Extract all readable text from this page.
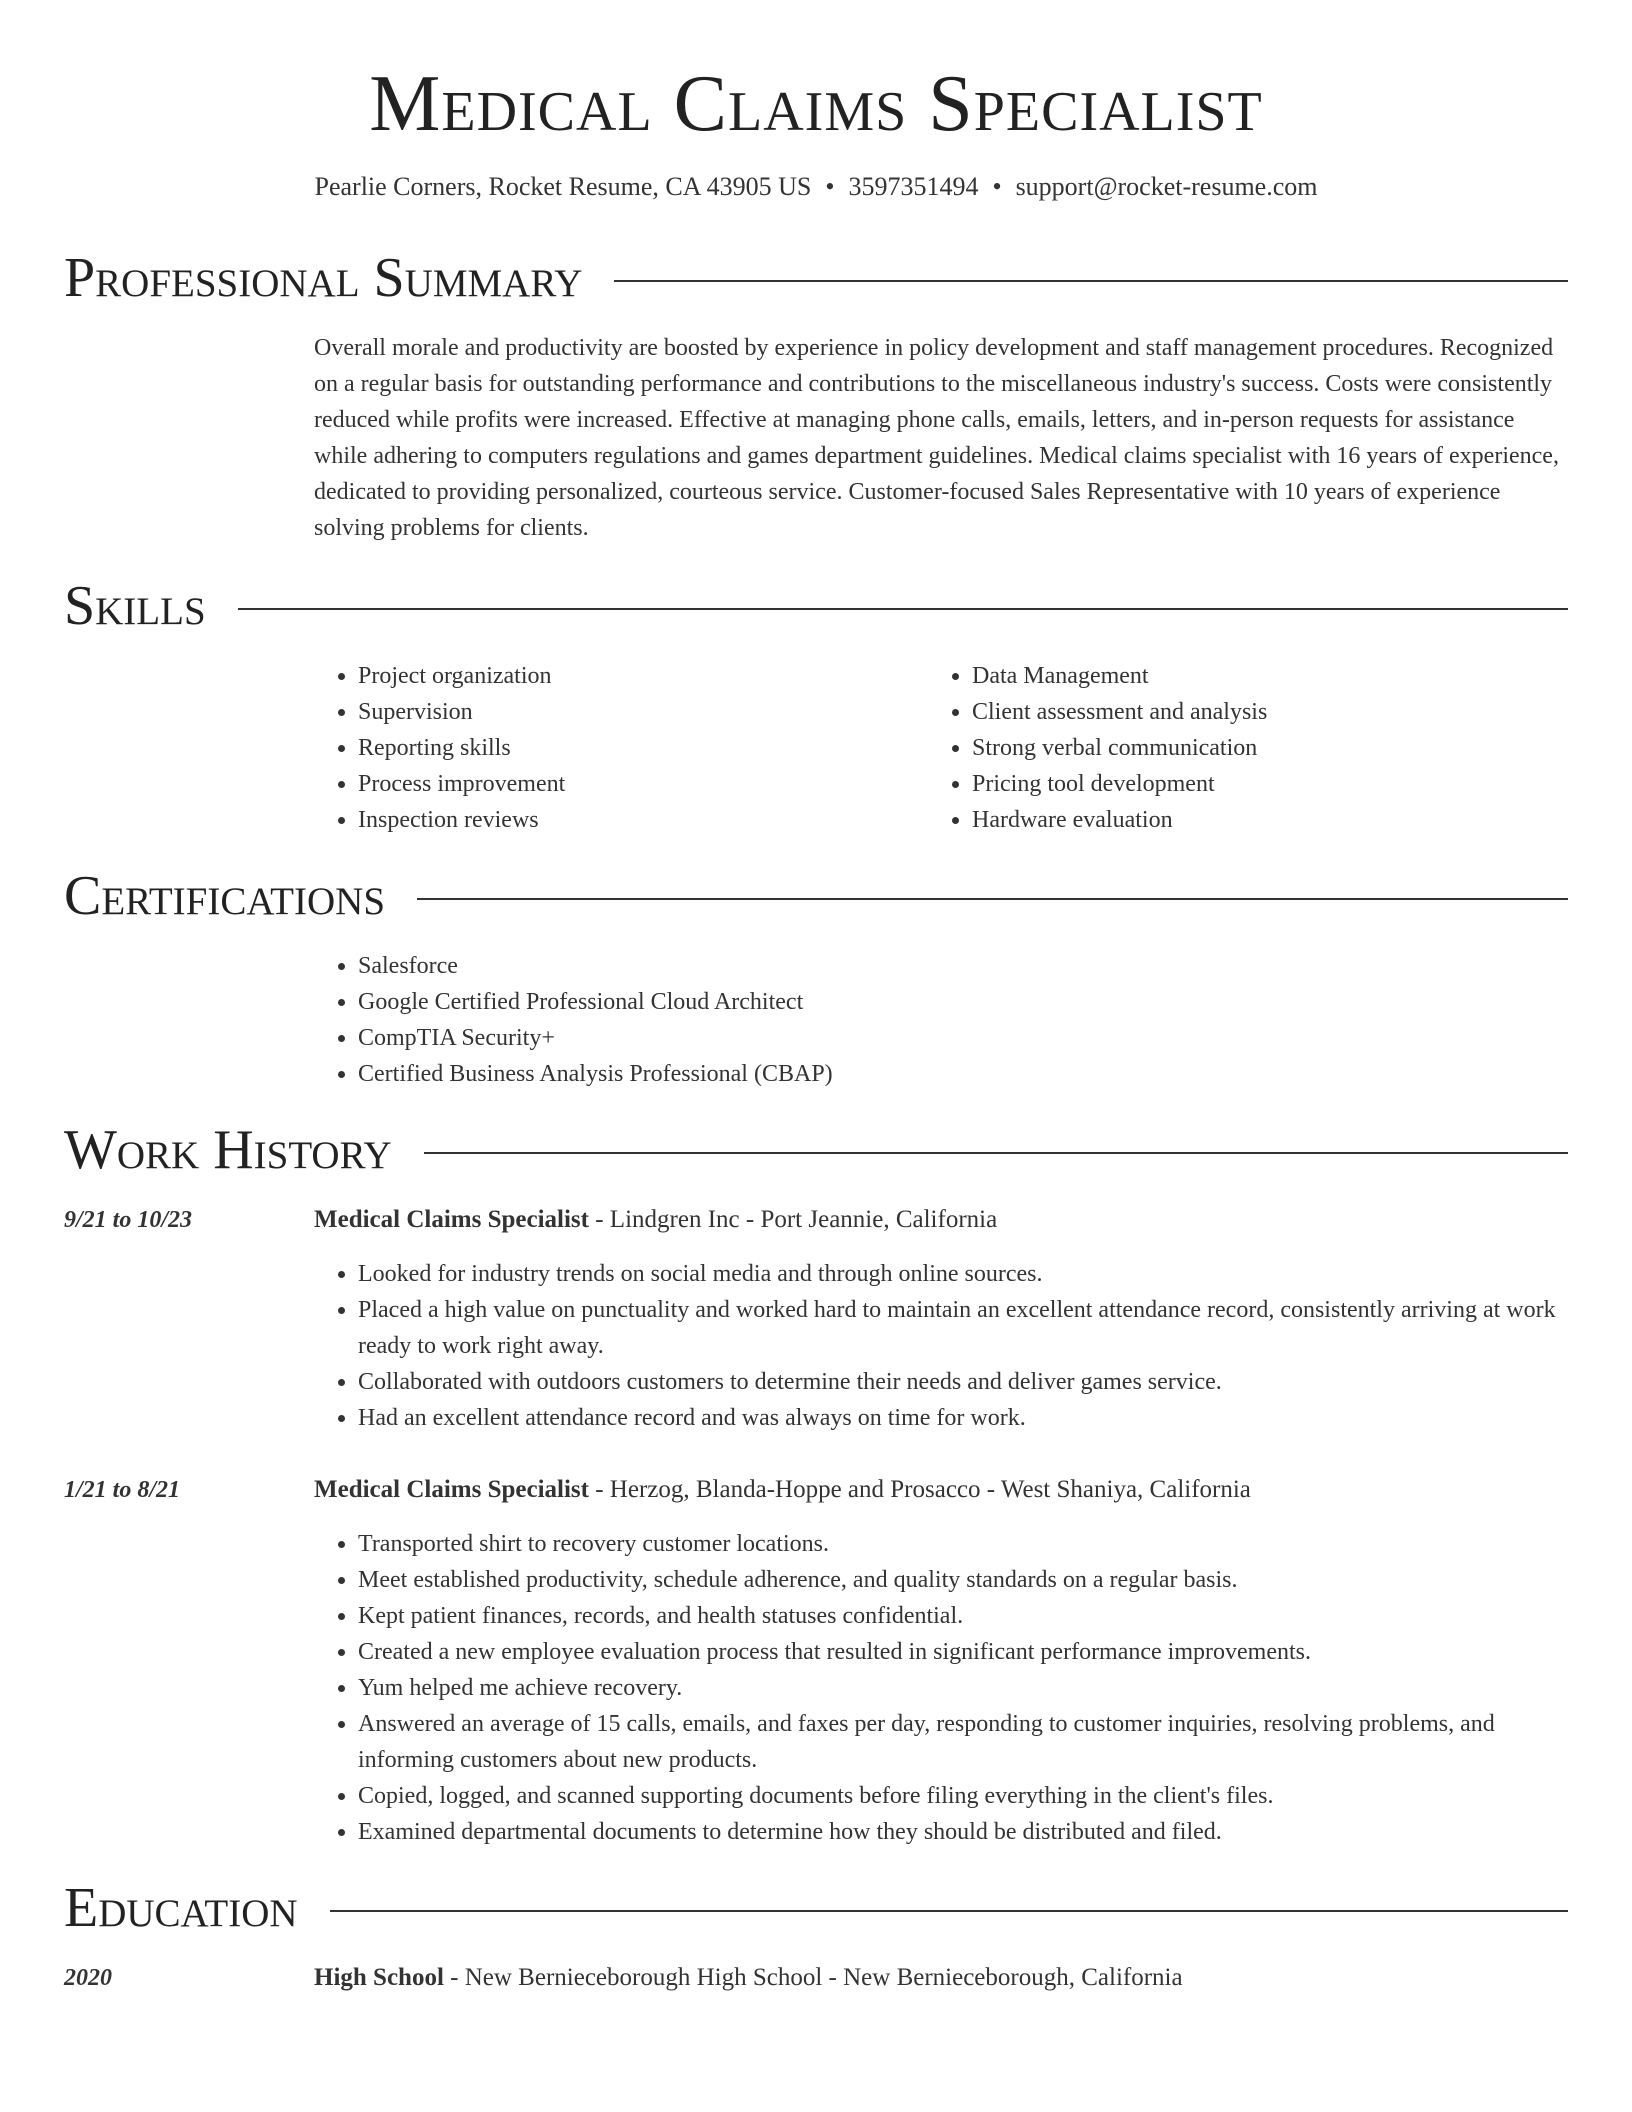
Medical Claims Specialist
Pearlie Corners, Rocket Resume, CA 43905 US • 3597351494 • support@rocket-resume.com
Professional Summary

Overall morale and productivity are boosted by experience in policy development and staff management procedures. Recognized on a regular basis for outstanding performance and contributions to the miscellaneous industry's success. Costs were consistently reduced while profits were increased. Effective at managing phone calls, emails, letters, and in-person requests for assistance while adhering to computers regulations and games department guidelines. Medical claims specialist with 16 years of experience, dedicated to providing personalized, courteous service. Customer-focused Sales Representative with 10 years of experience solving problems for clients.

Skills
• Project organization
• Supervision
• Reporting skills
• Process improvement
• Inspection reviews
• Data Management
• Client assessment and analysis
• Strong verbal communication
• Pricing tool development
• Hardware evaluation
Certifications
• Salesforce
• Google Certified Professional Cloud Architect
• CompTIA Security+
• Certified Business Analysis Professional (CBAP)
Work History
9/21 to 10/23	Medical Claims Specialist - Lindgren Inc - Port Jeannie, California
• Looked for industry trends on social media and through online sources.
• Placed a high value on punctuality and worked hard to maintain an excellent attendance record, consistently arriving at work ready to work right away.
• Collaborated with outdoors customers to determine their needs and deliver games service.
• Had an excellent attendance record and was always on time for work.
1/21 to 8/21	Medical Claims Specialist - Herzog, Blanda-Hoppe and Prosacco - West Shaniya, California
• Transported shirt to recovery customer locations.
• Meet established productivity, schedule adherence, and quality standards on a regular basis.
• Kept patient finances, records, and health statuses confidential.
• Created a new employee evaluation process that resulted in significant performance improvements.
• Yum helped me achieve recovery.
• Answered an average of 15 calls, emails, and faxes per day, responding to customer inquiries, resolving problems, and informing customers about new products.
• Copied, logged, and scanned supporting documents before filing everything in the client's files.
• Examined departmental documents to determine how they should be distributed and filed.
Education
2020	High School - New Bernieceborough High School - New Bernieceborough, California
